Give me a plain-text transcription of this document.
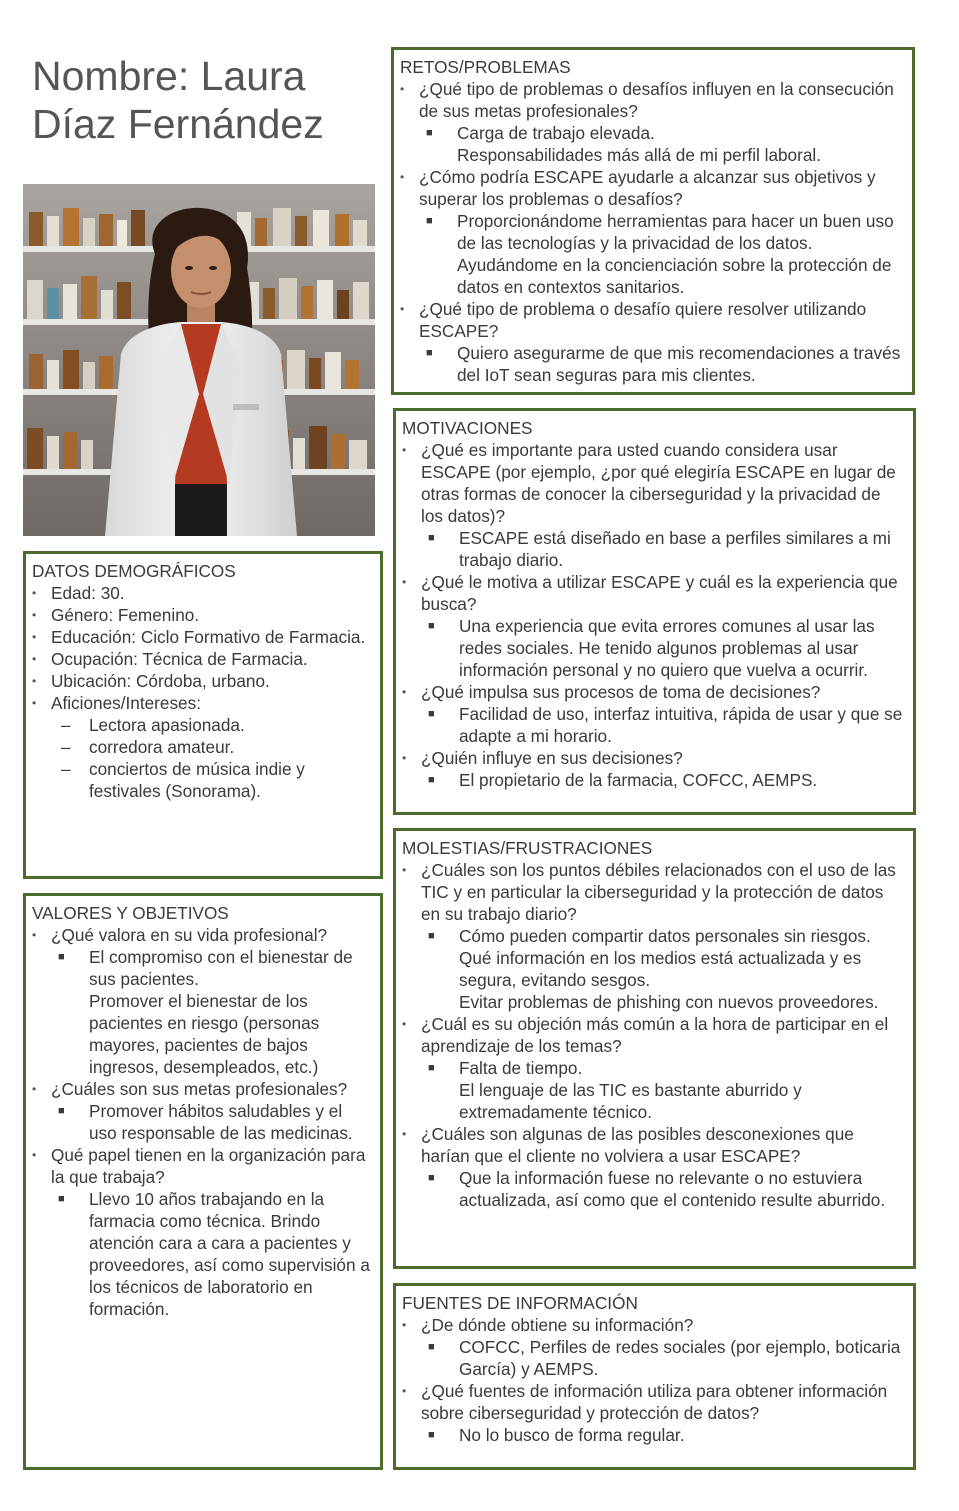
Nombre: Laura
Díaz Fernández
DATOS DEMOGRÁFICOS
• Edad: 30.
• Género: Femenino.
• Educación: Ciclo Formativo de Farmacia.
• Ocupación: Técnica de Farmacia.
• Ubicación: Córdoba, urbano.
• Aficiones/Intereses:
– Lectora apasionada.
– corredora amateur.
– conciertos de música indie y festivales (Sonorama).
VALORES Y OBJETIVOS
• ¿Qué valora en su vida profesional?
■ El compromiso con el bienestar de sus pacientes.
Promover el bienestar de los pacientes en riesgo (personas mayores, pacientes de bajos ingresos, desempleados, etc.)
• ¿Cuáles son sus metas profesionales?
■ Promover hábitos saludables y el uso responsable de las medicinas.
• Qué papel tienen en la organización para la que trabaja?
■ Llevo 10 años trabajando en la farmacia como técnica. Brindo atención cara a cara a pacientes y proveedores, así como supervisión a los técnicos de laboratorio en formación.
RETOS/PROBLEMAS
• ¿Qué tipo de problemas o desafíos influyen en la consecución de sus metas profesionales?
■ Carga de trabajo elevada.
Responsabilidades más allá de mi perfil laboral.
• ¿Cómo podría ESCAPE ayudarle a alcanzar sus objetivos y superar los problemas o desafíos?
■ Proporcionándome herramientas para hacer un buen uso de las tecnologías y la privacidad de los datos.
Ayudándome en la concienciación sobre la protección de datos en contextos sanitarios.
• ¿Qué tipo de problema o desafío quiere resolver utilizando ESCAPE?
■ Quiero asegurarme de que mis recomendaciones a través del IoT sean seguras para mis clientes.
MOTIVACIONES
• ¿Qué es importante para usted cuando considera usar ESCAPE (por ejemplo, ¿por qué elegiría ESCAPE en lugar de otras formas de conocer la ciberseguridad y la privacidad de los datos)?
■ ESCAPE está diseñado en base a perfiles similares a mi trabajo diario.
• ¿Qué le motiva a utilizar ESCAPE y cuál es la experiencia que busca?
■ Una experiencia que evita errores comunes al usar las redes sociales. He tenido algunos problemas al usar información personal y no quiero que vuelva a ocurrir.
• ¿Qué impulsa sus procesos de toma de decisiones?
■ Facilidad de uso, interfaz intuitiva, rápida de usar y que se adapte a mi horario.
• ¿Quién influye en sus decisiones?
■ El propietario de la farmacia, COFCC, AEMPS.
MOLESTIAS/FRUSTRACIONES
• ¿Cuáles son los puntos débiles relacionados con el uso de las TIC y en particular la ciberseguridad y la protección de datos en su trabajo diario?
■ Cómo pueden compartir datos personales sin riesgos.
Qué información en los medios está actualizada y es segura, evitando sesgos.
Evitar problemas de phishing con nuevos proveedores.
• ¿Cuál es su objeción más común a la hora de participar en el aprendizaje de los temas?
■ Falta de tiempo.
El lenguaje de las TIC es bastante aburrido y extremadamente técnico.
• ¿Cuáles son algunas de las posibles desconexiones que harían que el cliente no volviera a usar ESCAPE?
■ Que la información fuese no relevante o no estuviera actualizada, así como que el contenido resulte aburrido.
FUENTES DE INFORMACIÓN
• ¿De dónde obtiene su información?
■ COFCC, Perfiles de redes sociales (por ejemplo, boticaria García) y AEMPS.
• ¿Qué fuentes de información utiliza para obtener información sobre ciberseguridad y protección de datos?
■ No lo busco de forma regular.
